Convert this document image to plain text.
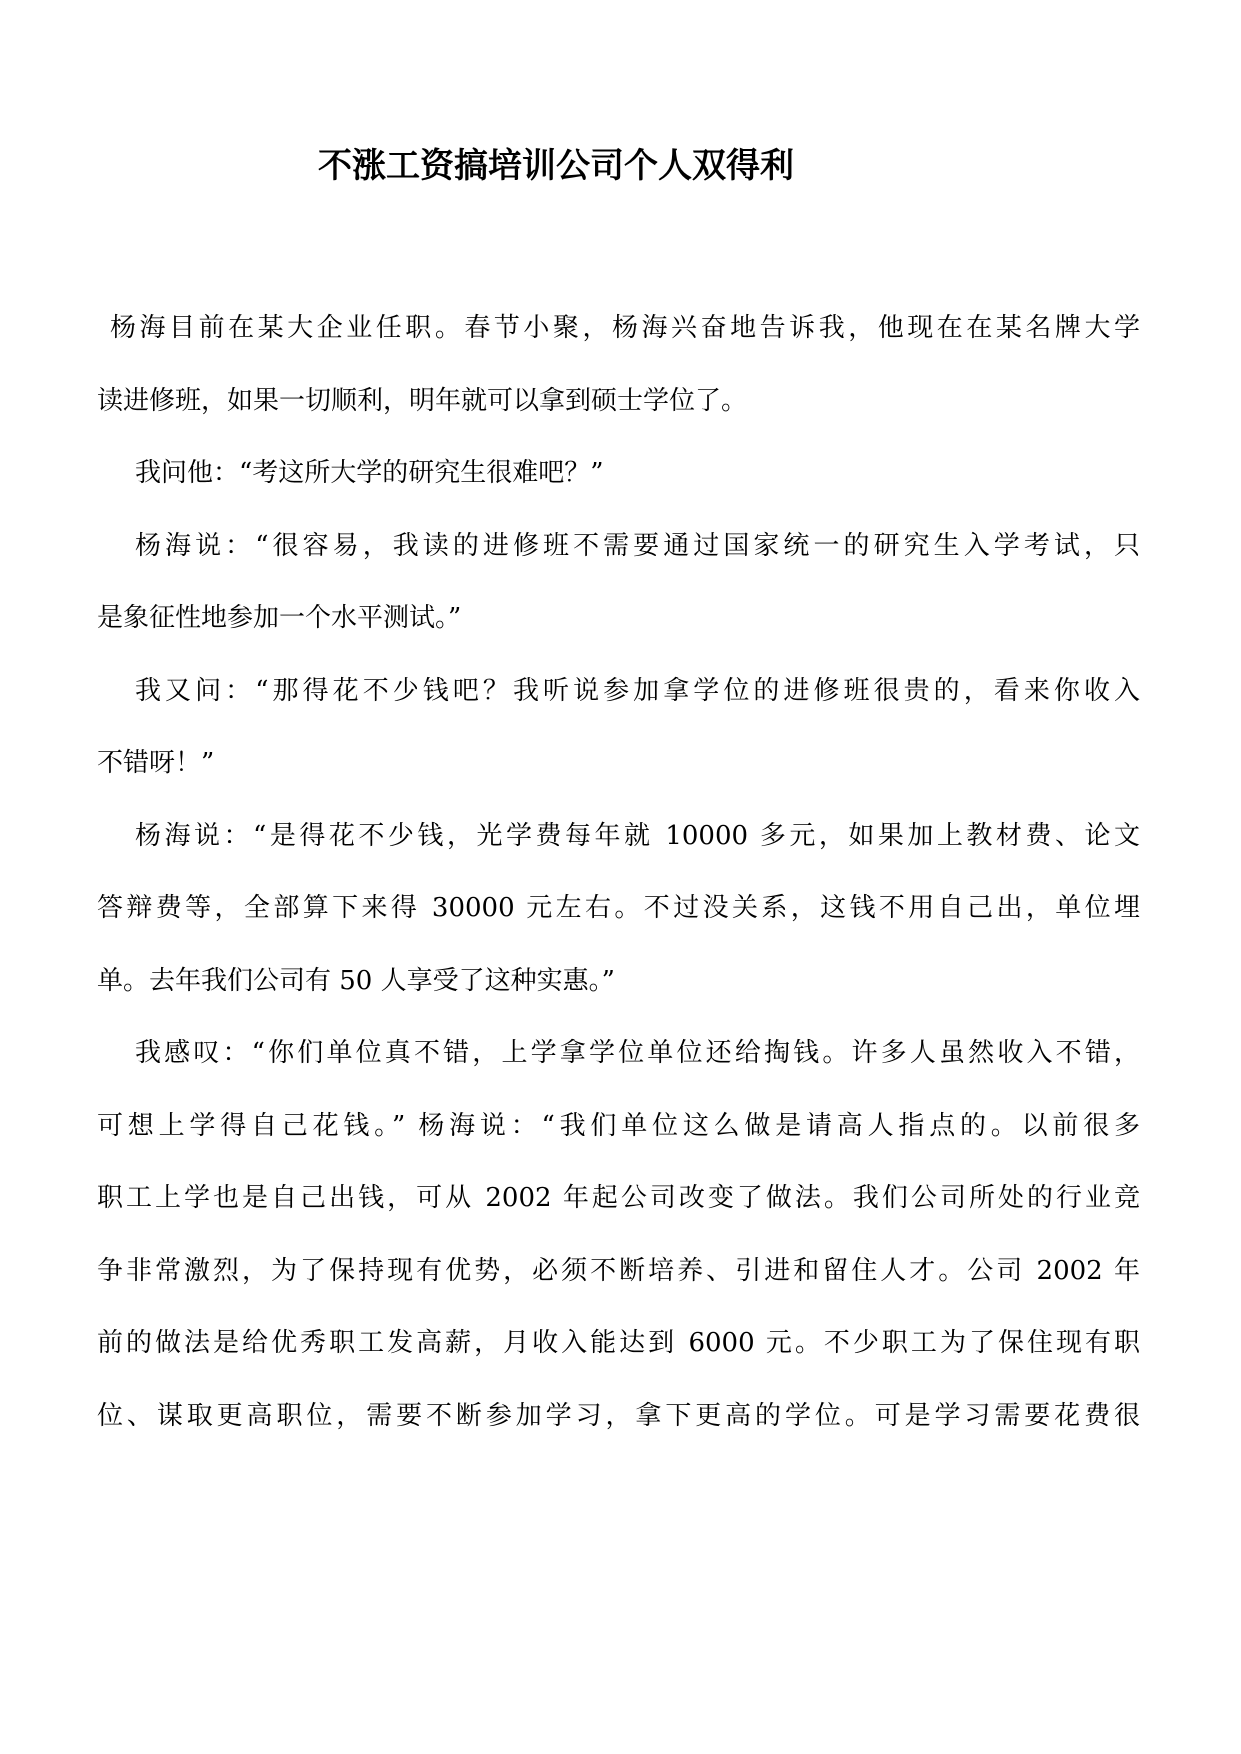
不涨工资搞培训公司个人双得利
杨海目前在某大企业任职。春节小聚，杨海兴奋地告诉我，他现在在某名牌大学
读进修班，如果一切顺利，明年就可以拿到硕士学位了。
我问他：“考这所大学的研究生很难吧？”
杨海说：“很容易，我读的进修班不需要通过国家统一的研究生入学考试，只
是象征性地参加一个水平测试。”
我又问：“那得花不少钱吧？我听说参加拿学位的进修班很贵的，看来你收入
不错呀！”
杨海说：“是得花不少钱，光学费每年就 10000 多元，如果加上教材费、论文
答辩费等，全部算下来得 30000 元左右。不过没关系，这钱不用自己出，单位埋
单。去年我们公司有 50 人享受了这种实惠。”
我感叹：“你们单位真不错，上学拿学位单位还给掏钱。许多人虽然收入不错，
可想上学得自己花钱。” 杨海说：“我们单位这么做是请高人指点的。以前很多
职工上学也是自己出钱，可从 2002 年起公司改变了做法。我们公司所处的行业竞
争非常激烈，为了保持现有优势，必须不断培养、引进和留住人才。公司 2002 年
前的做法是给优秀职工发高薪，月收入能达到 6000 元。不少职工为了保住现有职
位、谋取更高职位，需要不断参加学习，拿下更高的学位。可是学习需要花费很
